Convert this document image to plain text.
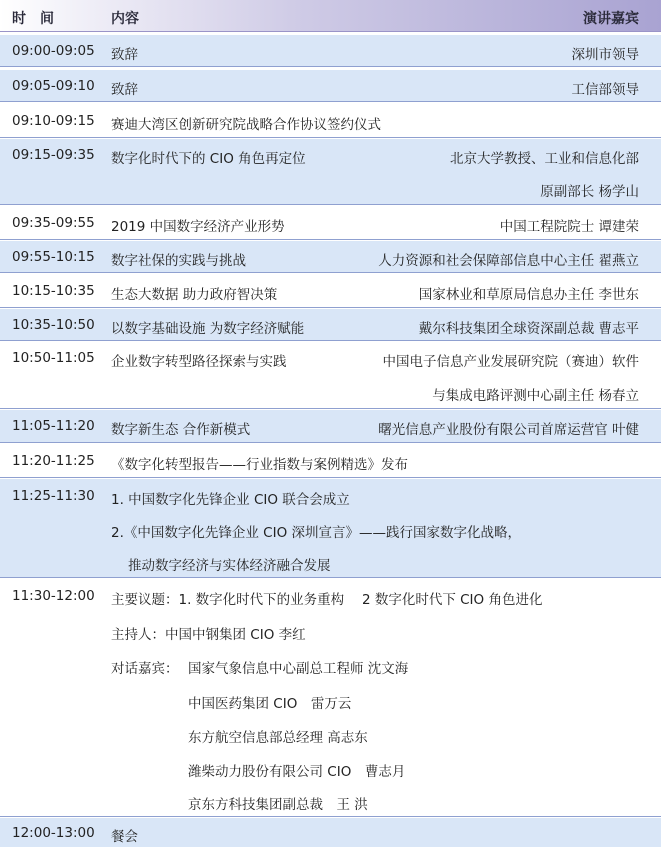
时　间	内容	演讲嘉宾
09:00-09:05 致辞	深圳市领导
09:05-09:10 致辞	工信部领导
09:10-09:15 赛迪大湾区创新研究院战略合作协议签约仪式
09:15-09:35 数字化时代下的 CIO 角色再定位	北京大学教授、工业和信息化部
原副部长 杨学山
09:35-09:55 2019 中国数字经济产业形势	中国工程院院士 谭建荣
09:55-10:15 数字社保的实践与挑战	人力资源和社会保障部信息中心主任 翟燕立
10:15-10:35 生态大数据 助力政府智决策	国家林业和草原局信息办主任 李世东
10:35-10:50 以数字基础设施 为数字经济赋能	戴尔科技集团全球资深副总裁 曹志平
10:50-11:05 企业数字转型路径探索与实践	中国电子信息产业发展研究院（赛迪）软件
与集成电路评测中心副主任 杨春立
11:05-11:20 数字新生态 合作新模式	曙光信息产业股份有限公司首席运营官 叶健
11:20-11:25 《数字化转型报告——行业指数与案例精选》发布
11:25-11:30 1. 中国数字化先锋企业 CIO 联合会成立
2.《中国数字化先锋企业 CIO 深圳宣言》——践行国家数字化战略，
推动数字经济与实体经济融合发展
11:30-12:00 主要议题：1. 数字化时代下的业务重构　 2 数字化时代下 CIO 角色进化
主持人：中国中钢集团 CIO 李红
对话嘉宾： 国家气象信息中心副总工程师 沈文海
中国医药集团 CIO　雷万云
东方航空信息部总经理 高志东
潍柴动力股份有限公司 CIO　曹志月
京东方科技集团副总裁　王 洪
12:00-13:00 餐会
